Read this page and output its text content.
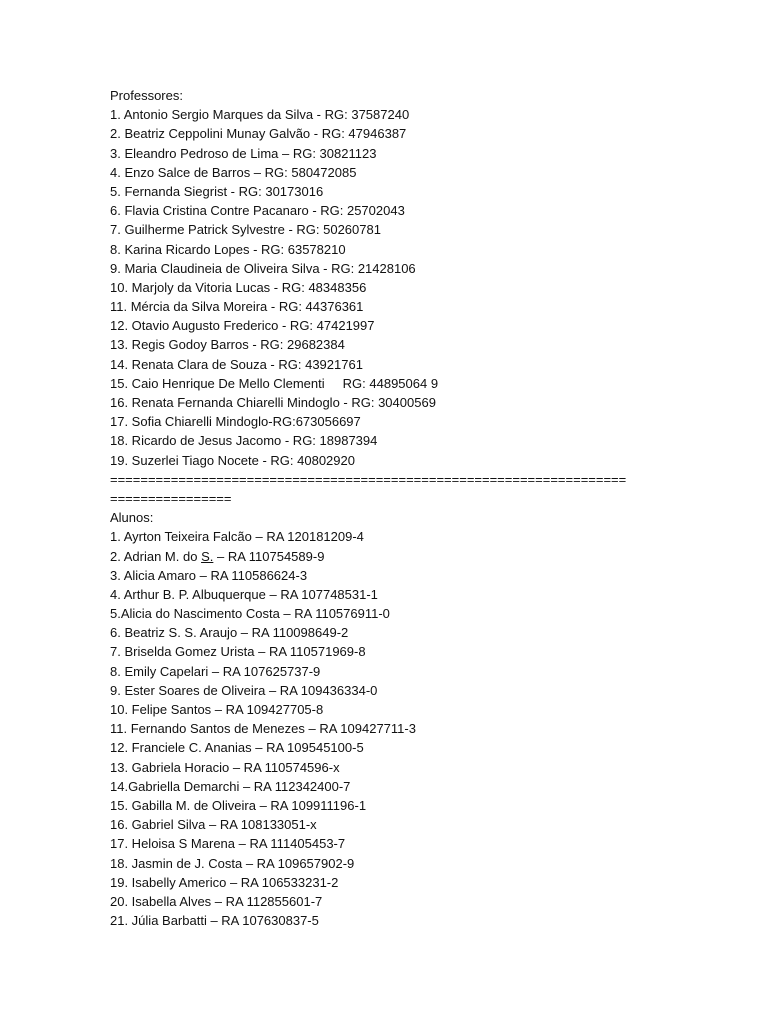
Professores:
1. Antonio Sergio Marques da Silva - RG: 37587240
2. Beatriz Ceppolini Munay Galvão - RG: 47946387
3. Eleandro Pedroso de Lima – RG: 30821123
4. Enzo Salce de Barros – RG: 580472085
5. Fernanda Siegrist - RG: 30173016
6. Flavia Cristina Contre Pacanaro - RG: 25702043
7. Guilherme Patrick Sylvestre - RG: 50260781
8. Karina Ricardo Lopes - RG: 63578210
9. Maria Claudineia de Oliveira Silva - RG: 21428106
10. Marjoly da Vitoria Lucas - RG: 48348356
11. Mércia da Silva Moreira - RG: 44376361
12. Otavio Augusto Frederico - RG: 47421997
13. Regis Godoy Barros - RG: 29682384
14. Renata Clara de Souza - RG: 43921761
15. Caio Henrique De Mello Clementi     RG: 44895064 9
16. Renata Fernanda Chiarelli Mindoglo - RG: 30400569
17. Sofia Chiarelli Mindoglo-RG:673056697
18. Ricardo de Jesus Jacomo - RG: 18987394
19. Suzerlei Tiago Nocete - RG: 40802920
====================================================================
================
Alunos:
1. Ayrton Teixeira Falcão – RA 120181209-4
2. Adrian M. do S. – RA 110754589-9
3. Alicia Amaro – RA 110586624-3
4. Arthur B. P. Albuquerque – RA 107748531-1
5.Alicia do Nascimento Costa – RA 110576911-0
6. Beatriz S. S. Araujo – RA 110098649-2
7. Briselda Gomez Urista – RA 110571969-8
8. Emily Capelari – RA 107625737-9
9. Ester Soares de Oliveira – RA 109436334-0
10. Felipe Santos – RA 109427705-8
11. Fernando Santos de Menezes – RA 109427711-3
12. Franciele C. Ananias – RA 109545100-5
13. Gabriela Horacio – RA 110574596-x
14.Gabriella Demarchi – RA 112342400-7
15. Gabilla M. de Oliveira – RA 109911196-1
16. Gabriel Silva – RA 108133051-x
17. Heloisa S Marena – RA 111405453-7
18. Jasmin de J. Costa – RA 109657902-9
19. Isabelly Americo – RA 106533231-2
20. Isabella Alves – RA 112855601-7
21. Júlia Barbatti – RA 107630837-5
